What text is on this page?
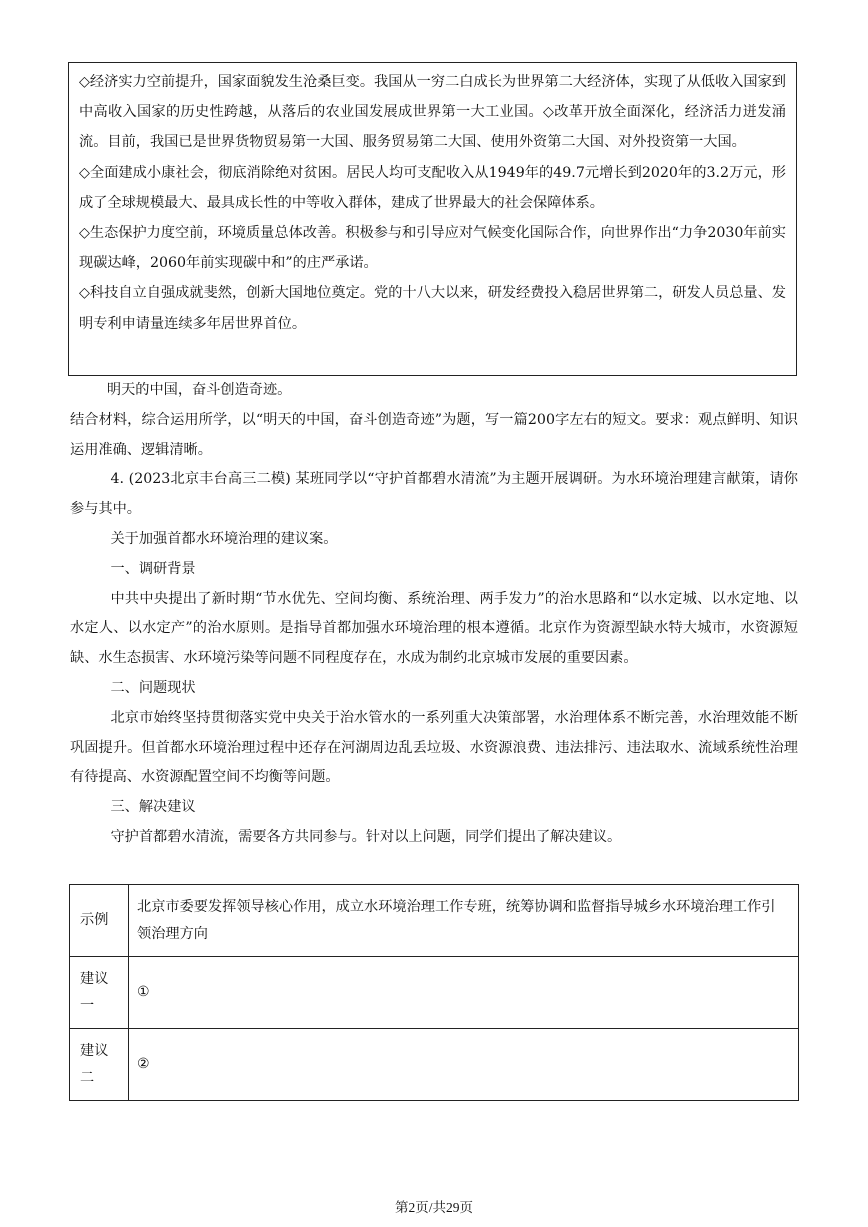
◇经济实力空前提升，国家面貌发生沧桑巨变。我国从一穷二白成长为世界第二大经济体，实现了从低收入国家到中高收入国家的历史性跨越，从落后的农业国发展成世界第一大工业国。◇改革开放全面深化，经济活力迸发涌流。目前，我国已是世界货物贸易第一大国、服务贸易第二大国、使用外资第二大国、对外投资第一大国。

◇全面建成小康社会，彻底消除绝对贫困。居民人均可支配收入从1949年的49.7元增长到2020年的3.2万元，形成了全球规模最大、最具成长性的中等收入群体，建成了世界最大的社会保障体系。

◇生态保护力度空前，环境质量总体改善。积极参与和引导应对气候变化国际合作，向世界作出“力争2030年前实现碳达峰，2060年前实现碳中和”的庄严承诺。

◇科技自立自强成就斐然，创新大国地位奠定。党的十八大以来，研发经费投入稳居世界第二，研发人员总量、发明专利申请量连续多年居世界首位。

明天的中国，奋斗创造奇迹。

结合材料，综合运用所学，以“明天的中国，奋斗创造奇迹”为题，写一篇200字左右的短文。要求：观点鲜明、知识运用准确、逻辑清晰。

4. (2023北京丰台高三二模) 某班同学以“守护首都碧水清流”为主题开展调研。为水环境治理建言献策，请你参与其中。

关于加强首都水环境治理的建议案。

一、调研背景

中共中央提出了新时期“节水优先、空间均衡、系统治理、两手发力”的治水思路和“以水定城、以水定地、以水定人、以水定产”的治水原则。是指导首都加强水环境治理的根本遵循。北京作为资源型缺水特大城市，水资源短缺、水生态损害、水环境污染等问题不同程度存在，水成为制约北京城市发展的重要因素。

二、问题现状

北京市始终坚持贯彻落实党中央关于治水管水的一系列重大决策部署，水治理体系不断完善，水治理效能不断巩固提升。但首都水环境治理过程中还存在河湖周边乱丢垃圾、水资源浪费、违法排污、违法取水、流域系统性治理有待提高、水资源配置空间不均衡等问题。

三、解决建议

守护首都碧水清流，需要各方共同参与。针对以上问题，同学们提出了解决建议。

示例	北京市委要发挥领导核心作用，成立水环境治理工作专班，统筹协调和监督指导城乡水环境治理工作引领治理方向
建议一	①
建议二	②
第2页/共29页
